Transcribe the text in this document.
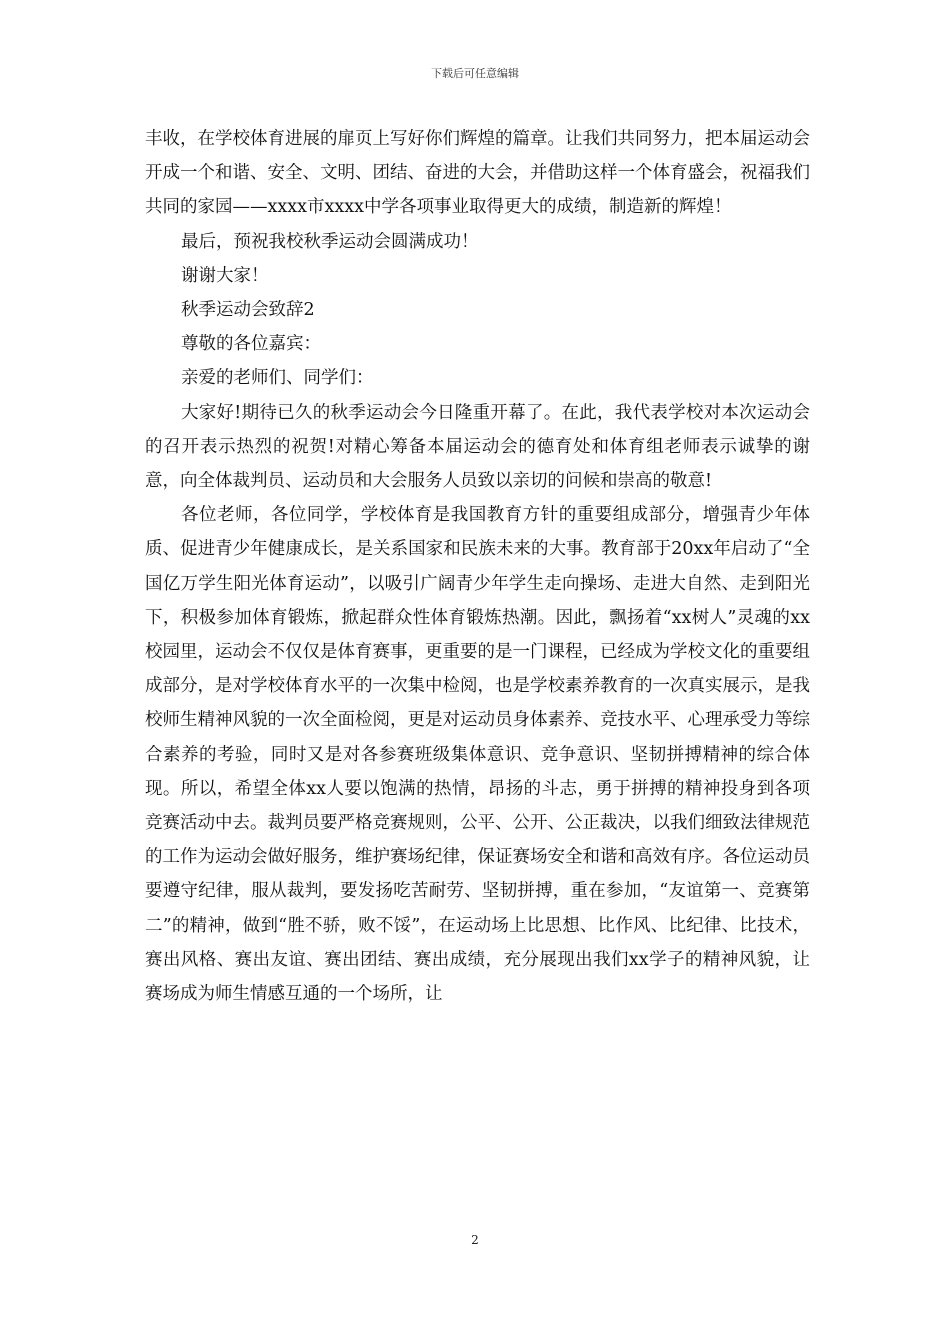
下载后可任意编辑

丰收，在学校体育进展的扉页上写好你们辉煌的篇章。让我们共同努力，把本届运动会开成一个和谐、安全、文明、团结、奋进的大会，并借助这样一个体育盛会，祝福我们共同的家园——xxxx市xxxx中学各项事业取得更大的成绩，制造新的辉煌！

最后，预祝我校秋季运动会圆满成功！

谢谢大家！

秋季运动会致辞2

尊敬的各位嘉宾：

亲爱的老师们、同学们：

大家好!期待已久的秋季运动会今日隆重开幕了。在此，我代表学校对本次运动会的召开表示热烈的祝贺!对精心筹备本届运动会的德育处和体育组老师表示诚挚的谢意，向全体裁判员、运动员和大会服务人员致以亲切的问候和崇高的敬意!

各位老师，各位同学，学校体育是我国教育方针的重要组成部分，增强青少年体质、促进青少年健康成长，是关系国家和民族未来的大事。教育部于20xx年启动了“全国亿万学生阳光体育运动”，以吸引广阔青少年学生走向操场、走进大自然、走到阳光下，积极参加体育锻炼，掀起群众性体育锻炼热潮。因此，飘扬着“xx树人”灵魂的xx校园里，运动会不仅仅是体育赛事，更重要的是一门课程，已经成为学校文化的重要组成部分，是对学校体育水平的一次集中检阅，也是学校素养教育的一次真实展示，是我校师生精神风貌的一次全面检阅，更是对运动员身体素养、竞技水平、心理承受力等综合素养的考验，同时又是对各参赛班级集体意识、竞争意识、坚韧拼搏精神的综合体现。所以，希望全体xx人要以饱满的热情，昂扬的斗志，勇于拼搏的精神投身到各项竞赛活动中去。裁判员要严格竞赛规则，公平、公开、公正裁决，以我们细致法律规范的工作为运动会做好服务，维护赛场纪律，保证赛场安全和谐和高效有序。各位运动员要遵守纪律，服从裁判，要发扬吃苦耐劳、坚韧拼搏，重在参加，“友谊第一、竞赛第二”的精神，做到“胜不骄，败不馁”，在运动场上比思想、比作风、比纪律、比技术，赛出风格、赛出友谊、赛出团结、赛出成绩，充分展现出我们xx学子的精神风貌，让赛场成为师生情感互通的一个场所，让

2
